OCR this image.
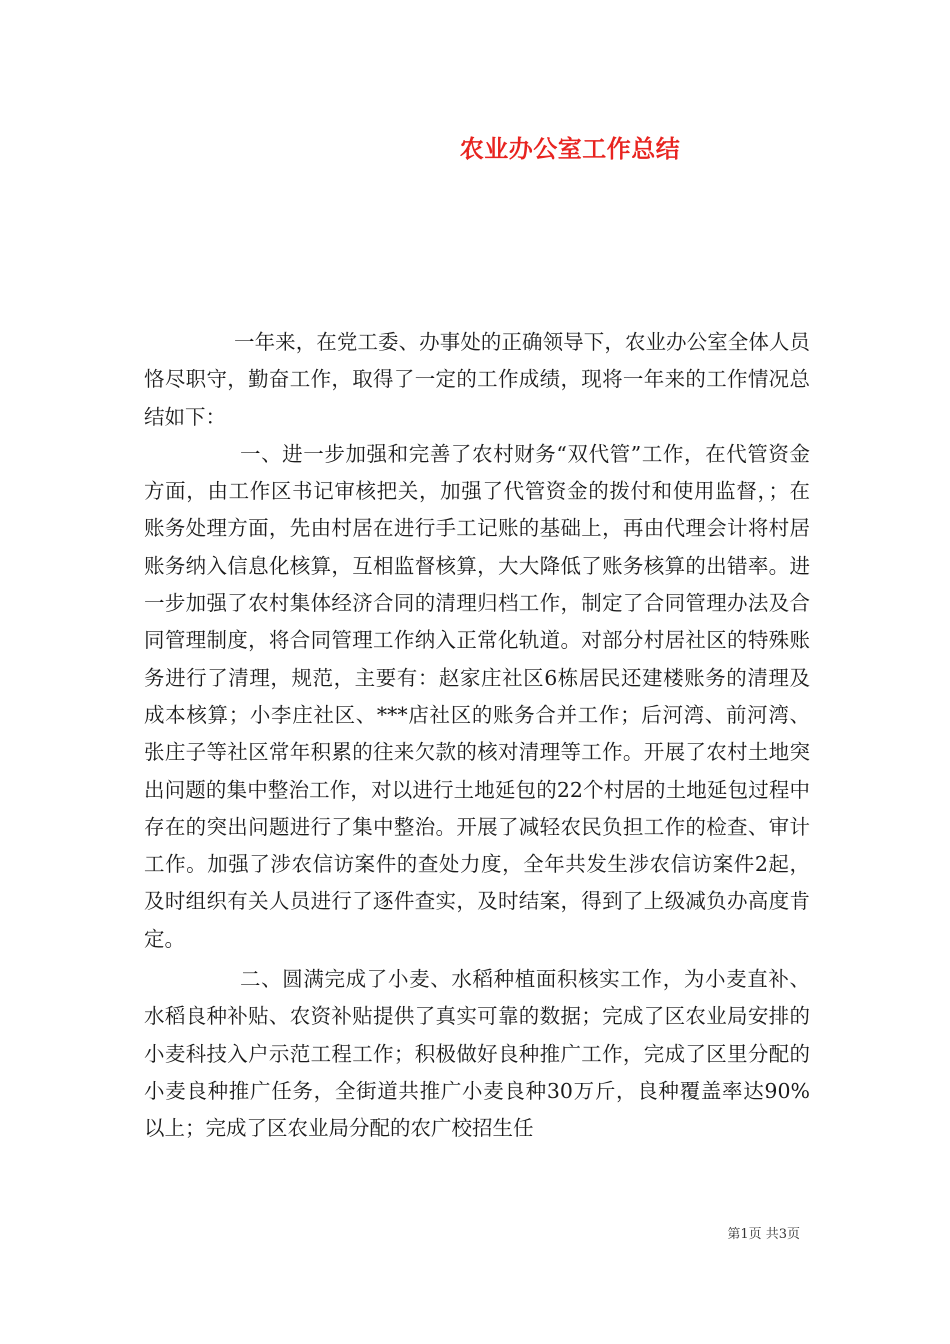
农业办公室工作总结

一年来，在党工委、办事处的正确领导下，农业办公室全体人员恪尽职守，勤奋工作，取得了一定的工作成绩，现将一年来的工作情况总结如下：

一、进一步加强和完善了农村财务“双代管”工作，在代管资金方面，由工作区书记审核把关，加强了代管资金的拨付和使用监督，；在账务处理方面，先由村居在进行手工记账的基础上，再由代理会计将村居账务纳入信息化核算，互相监督核算，大大降低了账务核算的出错率。进一步加强了农村集体经济合同的清理归档工作，制定了合同管理办法及合同管理制度，将合同管理工作纳入正常化轨道。对部分村居社区的特殊账务进行了清理，规范，主要有：赵家庄社区6栋居民还建楼账务的清理及成本核算；小李庄社区、***店社区的账务合并工作；后河湾、前河湾、张庄子等社区常年积累的往来欠款的核对清理等工作。开展了农村土地突出问题的集中整治工作，对以进行土地延包的22个村居的土地延包过程中存在的突出问题进行了集中整治。开展了减轻农民负担工作的检查、审计工作。加强了涉农信访案件的查处力度，全年共发生涉农信访案件2起，及时组织有关人员进行了逐件查实，及时结案，得到了上级减负办高度肯定。

二、圆满完成了小麦、水稻种植面积核实工作，为小麦直补、水稻良种补贴、农资补贴提供了真实可靠的数据；完成了区农业局安排的小麦科技入户示范工程工作；积极做好良种推广工作，完成了区里分配的小麦良种推广任务，全街道共推广小麦良种30万斤，良种覆盖率达90%以上；完成了区农业局分配的农广校招生任

第1页 共3页
